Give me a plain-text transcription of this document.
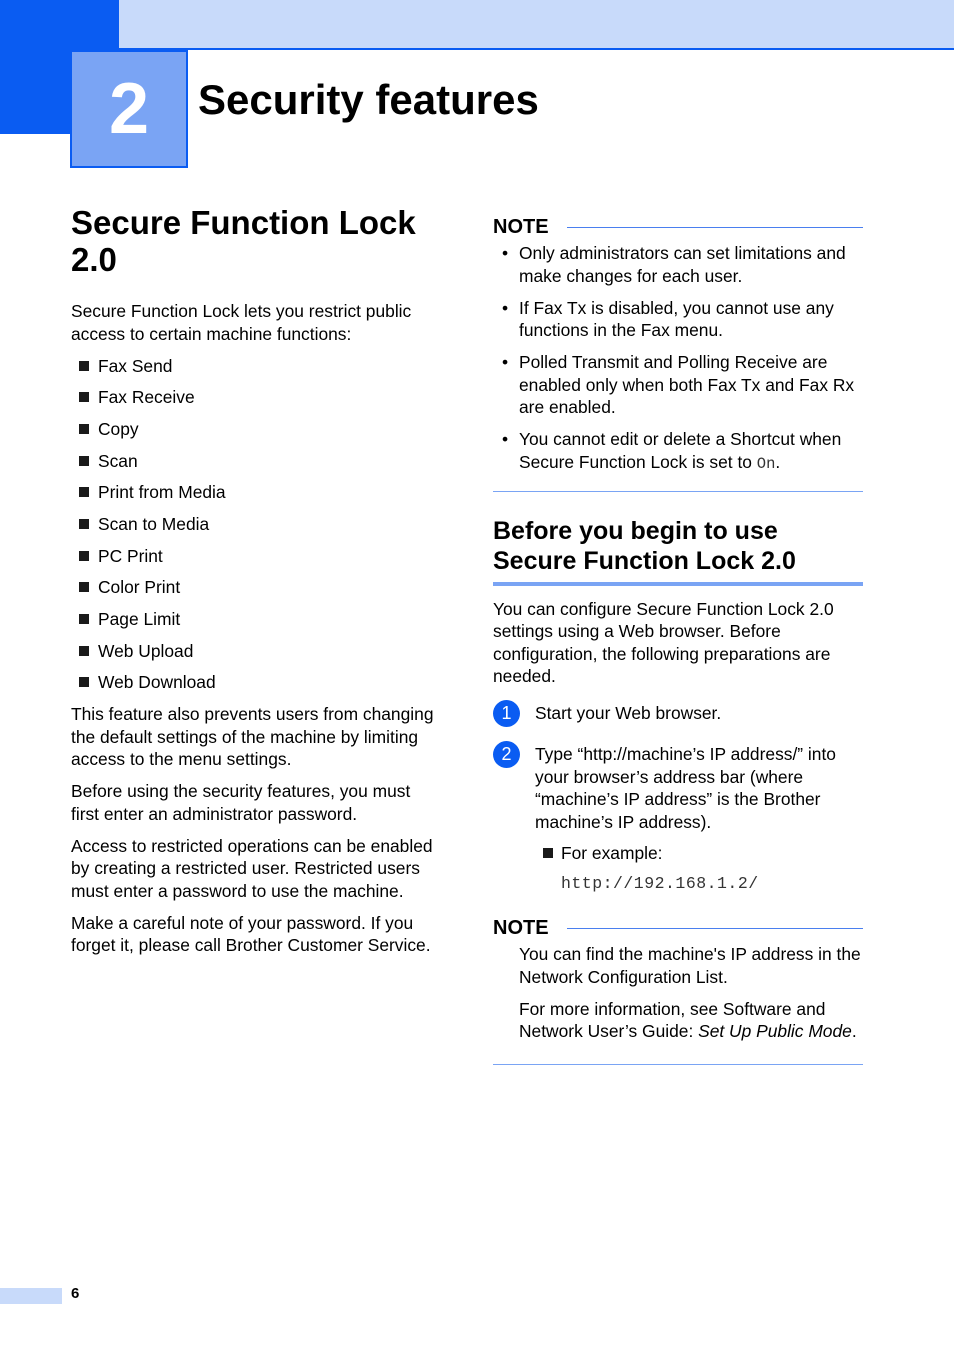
2	Security features
Secure Function Lock
2.0

Secure Function Lock lets you restrict public access to certain machine functions:

Fax Send
Fax Receive
Copy
Scan
Print from Media
Scan to Media
PC Print
Color Print
Page Limit
Web Upload
Web Download

This feature also prevents users from changing the default settings of the machine by limiting access to the menu settings.

Before using the security features, you must first enter an administrator password.

Access to restricted operations can be enabled by creating a restricted user. Restricted users must enter a password to use the machine.

Make a careful note of your password. If you forget it, please call Brother Customer Service.

NOTE
• Only administrators can set limitations and make changes for each user.
• If Fax Tx is disabled, you cannot use any functions in the Fax menu.
• Polled Transmit and Polling Receive are enabled only when both Fax Tx and Fax Rx are enabled.
• You cannot edit or delete a Shortcut when Secure Function Lock is set to On.
Before you begin to use
Secure Function Lock 2.0

You can configure Secure Function Lock 2.0 settings using a Web browser. Before configuration, the following preparations are needed.

1	Start your Web browser.
2	Type “http://machine’s IP address/” into your browser’s address bar (where “machine’s IP address” is the Brother machine’s IP address).
For example:
http://192.168.1.2/
NOTE

You can find the machine's IP address in the Network Configuration List.

For more information, see Software and Network User’s Guide: Set Up Public Mode.

6
